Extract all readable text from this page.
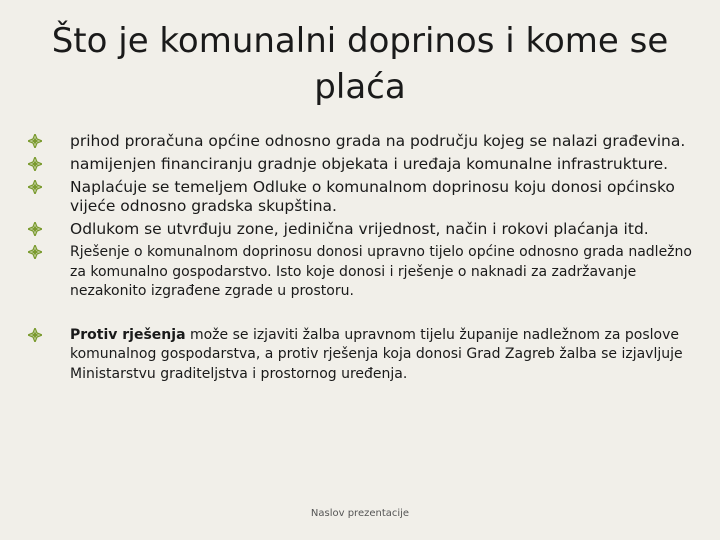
Što je komunalni doprinos i kome se
plaća
prihod proračuna općine odnosno grada na području kojeg se nalazi građevina.
namijenjen financiranju gradnje objekata i uređaja komunalne infrastrukture.
Naplaćuje se temeljem Odluke o komunalnom doprinosu koju donosi općinsko vijeće odnosno gradska skupština.
Odlukom se utvrđuju zone, jedinična vrijednost, način i rokovi plaćanja itd.
Rješenje o komunalnom doprinosu donosi upravno tijelo općine odnosno grada nadležno za komunalno gospodarstvo. Isto koje donosi i rješenje o naknadi za zadržavanje nezakonito izgrađene zgrade u prostoru.
Protiv rješenja može se izjaviti žalba upravnom tijelu županije nadležnom za poslove komunalnog gospodarstva, a protiv rješenja koja donosi Grad Zagreb žalba se izjavljuje Ministarstvu graditeljstva i prostornog uređenja.
Naslov prezentacije
